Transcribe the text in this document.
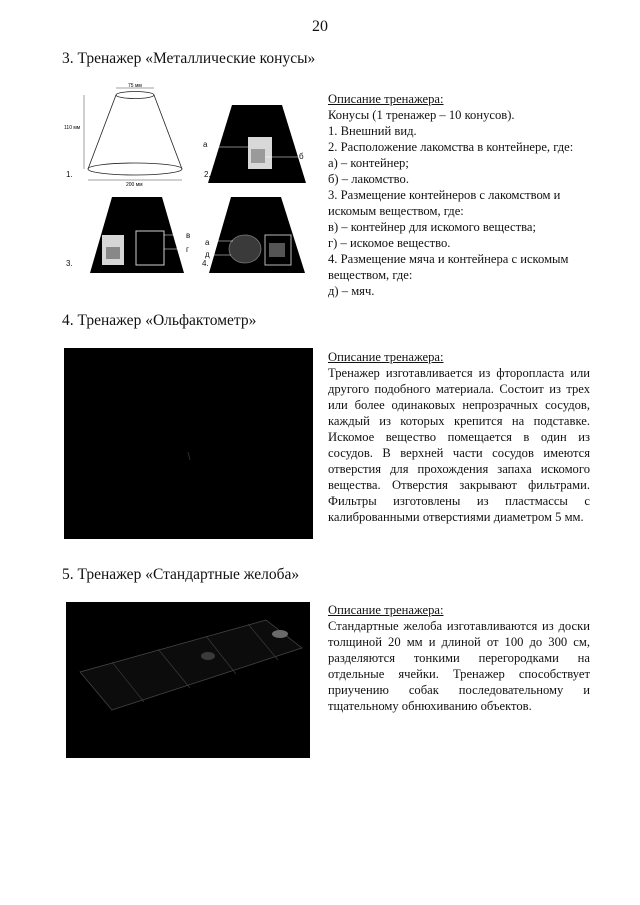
20
3. Тренажер «Металлические конусы»
75 мм
110 мм
200 мм
1.
а
б
2.
в
г
3.
а
д
4.
Описание тренажера:

Конусы (1 тренажер – 10 конусов).

1. Внешний вид.

2. Расположение лакомства в контейнере, где:

а) – контейнер;

б) – лакомство.

3. Размещение контейнеров с лакомством и

искомым веществом, где:

в) – контейнер для искомого вещества;

г) – искомое вещество.

4. Размещение мяча и контейнера с искомым

веществом, где:

д) – мяч.

4. Тренажер «Ольфактометр»
Описание тренажера:

Тренажер изготавливается из фторопласта или другого подобного материала. Состоит из трех или более одинаковых непрозрачных сосудов, каждый из которых крепится на подставке. Искомое вещество помещается в один из сосудов. В верхней части сосудов имеются отверстия для прохождения запаха искомого вещества. Отверстия закрывают фильтрами. Фильтры изготовлены из пластмассы с калиброванными отверстиями диаметром 5 мм.

5. Тренажер «Стандартные желоба»
Описание тренажера:

Стандартные желоба изготавливаются из доски толщиной 20 мм и длиной от 100 до 300 см, разделяются тонкими перегородками на отдельные ячейки. Тренажер способствует приучению собак последовательному и тщательному обнюхиванию объектов.
